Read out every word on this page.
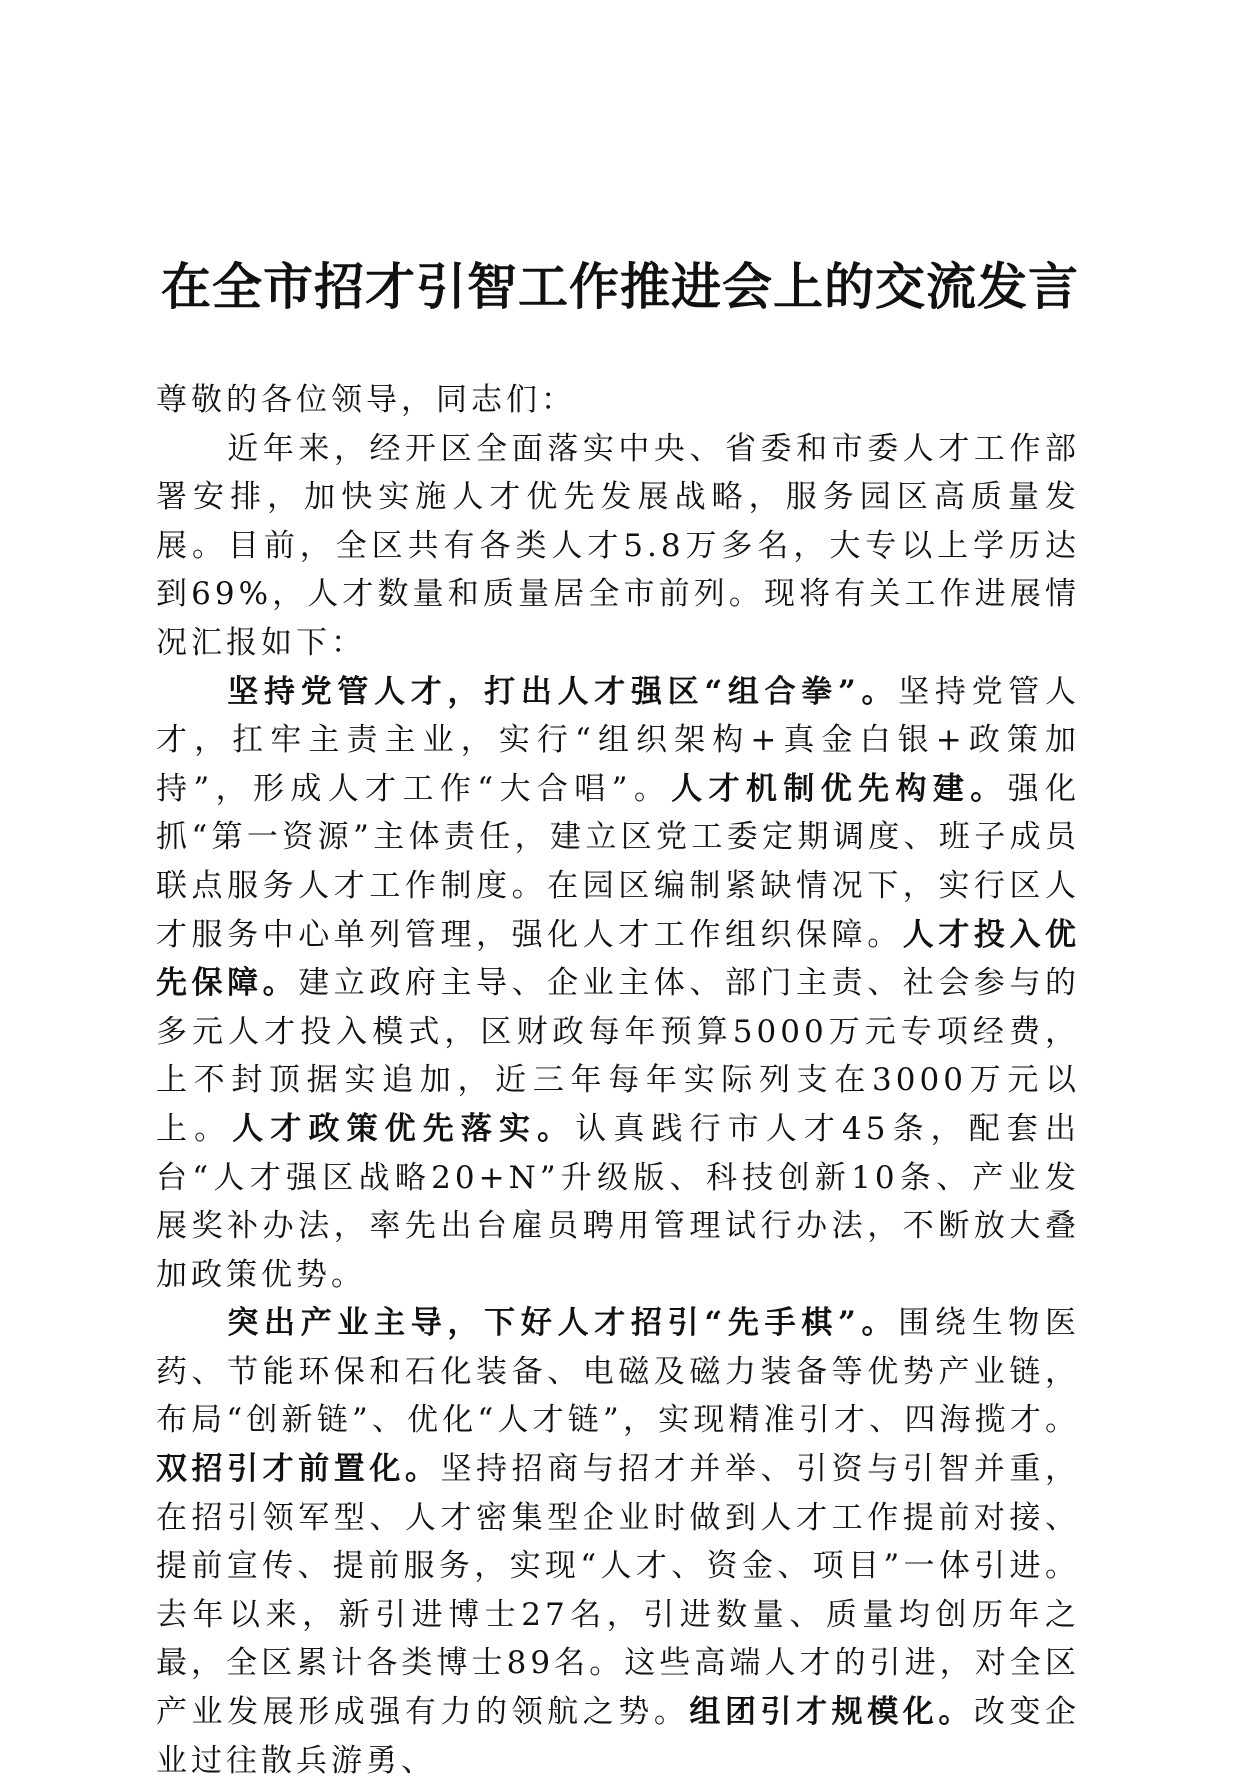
在全市招才引智工作推进会上的交流发言

尊敬的各位领导，同志们：

近年来，经开区全面落实中央、省委和市委人才工作部署安排，加快实施人才优先发展战略，服务园区高质量发展。目前，全区共有各类人才5.8万多名，大专以上学历达到69%，人才数量和质量居全市前列。现将有关工作进展情况汇报如下：

坚持党管人才，打出人才强区“组合拳”。坚持党管人才，扛牢主责主业，实行“组织架构+真金白银+政策加持”，形成人才工作“大合唱”。人才机制优先构建。强化抓“第一资源”主体责任，建立区党工委定期调度、班子成员联点服务人才工作制度。在园区编制紧缺情况下，实行区人才服务中心单列管理，强化人才工作组织保障。人才投入优先保障。建立政府主导、企业主体、部门主责、社会参与的多元人才投入模式，区财政每年预算5000万元专项经费，上不封顶据实追加，近三年每年实际列支在3000万元以上。人才政策优先落实。认真践行市人才45条，配套出台“人才强区战略20+N”升级版、科技创新10条、产业发展奖补办法，率先出台雇员聘用管理试行办法，不断放大叠加政策优势。

突出产业主导，下好人才招引“先手棋”。围绕生物医药、节能环保和石化装备、电磁及磁力装备等优势产业链，布局“创新链”、优化“人才链”，实现精准引才、四海揽才。双招引才前置化。坚持招商与招才并举、引资与引智并重，在招引领军型、人才密集型企业时做到人才工作提前对接、提前宣传、提前服务，实现“人才、资金、项目”一体引进。去年以来，新引进博士27名，引进数量、质量均创历年之最，全区累计各类博士89名。这些高端人才的引进，对全区产业发展形成强有力的领航之势。组团引才规模化。改变企业过往散兵游勇、
